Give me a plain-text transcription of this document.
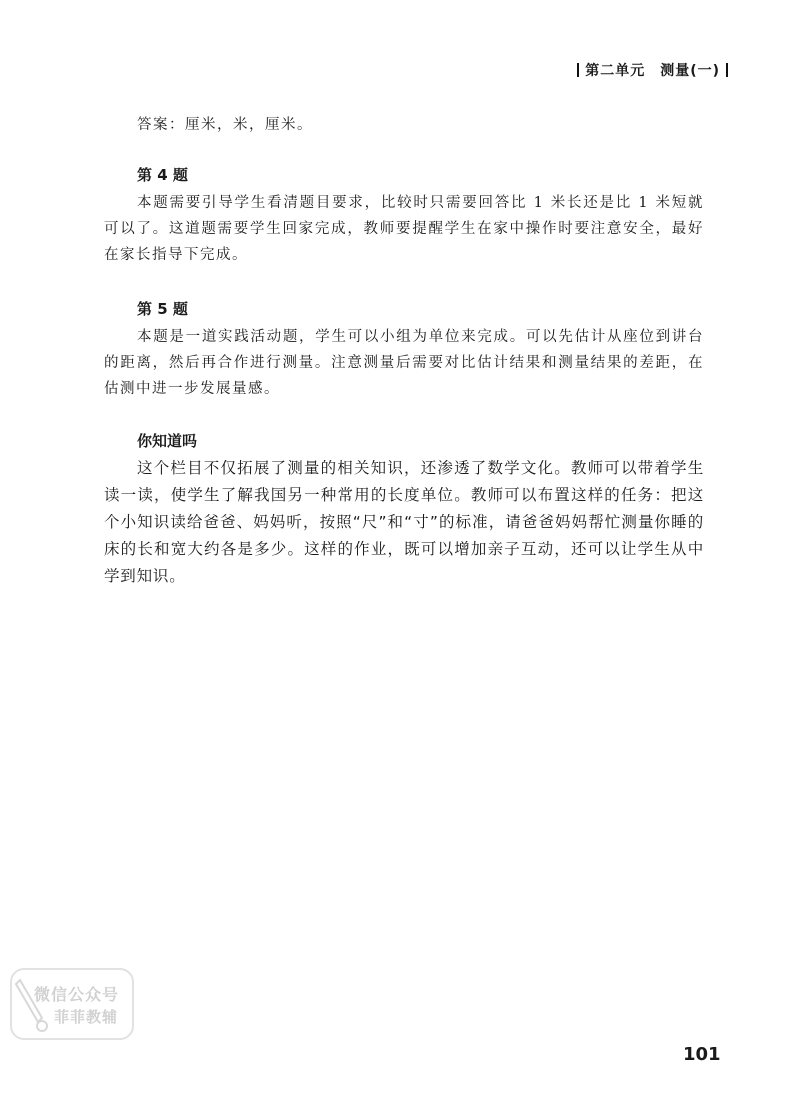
第二单元　测量(一)

答案：厘米，米，厘米。

第 4 题

本题需要引导学生看清题目要求，比较时只需要回答比 1 米长还是比 1 米短就可以了。这道题需要学生回家完成，教师要提醒学生在家中操作时要注意安全，最好在家长指导下完成。

第 5 题

本题是一道实践活动题，学生可以小组为单位来完成。可以先估计从座位到讲台的距离，然后再合作进行测量。注意测量后需要对比估计结果和测量结果的差距，在估测中进一步发展量感。

你知道吗

这个栏目不仅拓展了测量的相关知识，还渗透了数学文化。教师可以带着学生读一读，使学生了解我国另一种常用的长度单位。教师可以布置这样的任务：把这个小知识读给爸爸、妈妈听，按照“尺”和“寸”的标准，请爸爸妈妈帮忙测量你睡的床的长和宽大约各是多少。这样的作业，既可以增加亲子互动，还可以让学生从中学到知识。

微信公众号
菲菲教辅
101
